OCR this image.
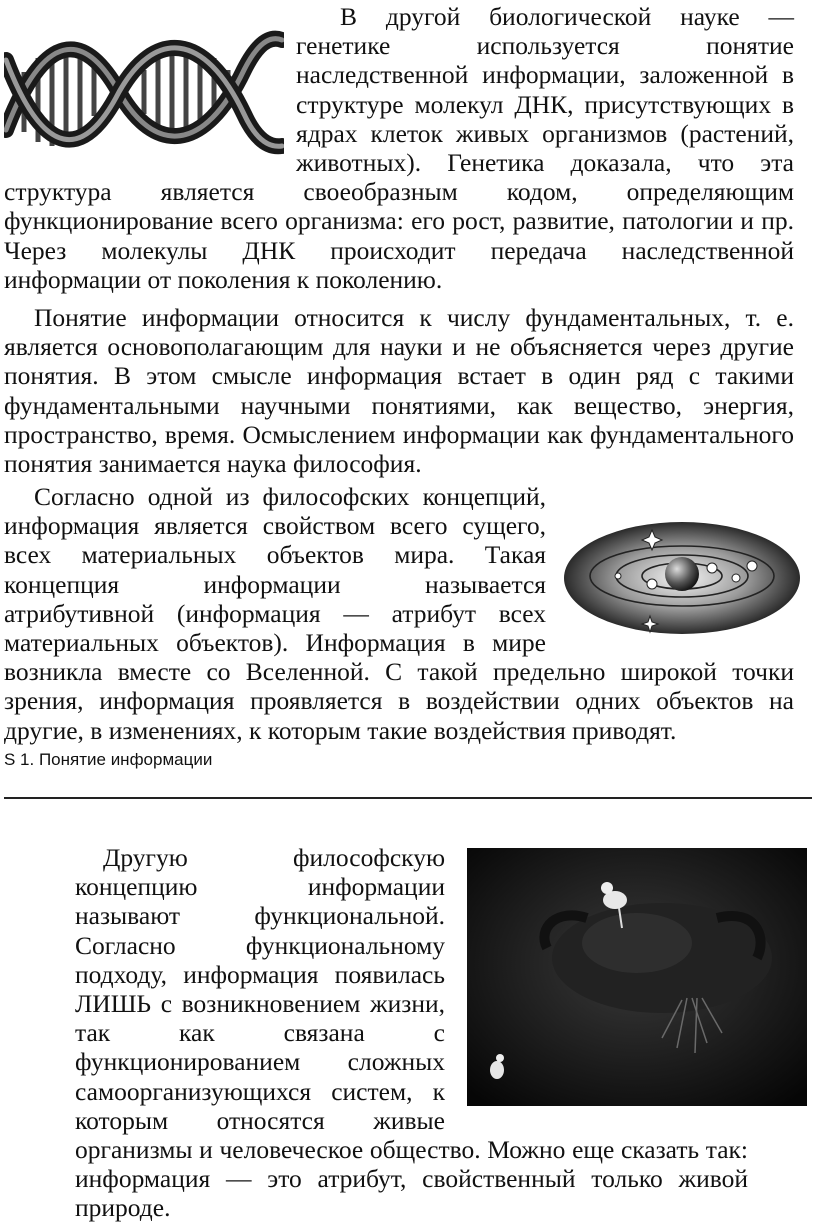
В другой биологической науке — генетике используется понятие наследственной информации, заложенной в структуре молекул ДНК, присутствующих в ядрах клеток живых организмов (растений, животных). Генетика доказала, что эта структура является своеобразным кодом, определяющим функционирование всего организма: его рост, развитие, патологии и пр. Через молекулы ДНК происходит передача наследственной информации от поколения к поколению.

Понятие информации относится к числу фундаментальных, т. е. является основополагающим для науки и не объясняется через другие понятия. В этом смысле информация встает в один ряд с такими фундаментальными научными понятиями, как вещество, энергия, пространство, время. Осмыслением информации как фундаментального понятия занимается наука философия.

Согласно одной из философских концепций, информация является свойством всего сущего, всех материальных объектов мира. Такая концепция информации называется атрибутивной (информация — атрибут всех материальных объектов). Информация в мире возникла вместе со Вселенной. С такой предельно широкой точки зрения, информация проявляется в воздействии одних объектов на другие, в изменениях, к которым такие воздействия приводят.

S 1. Понятие информации

Другую философскую концепцию информации называют функциональной. Согласно функциональному подходу, информация появилась ЛИШЬ с возникновением жизни, так как связана с функционированием сложных самоорганизующихся систем, к которым относятся живые организмы и человеческое общество. Можно еще сказать так: информация — это атрибут, свойственный только живой природе.
